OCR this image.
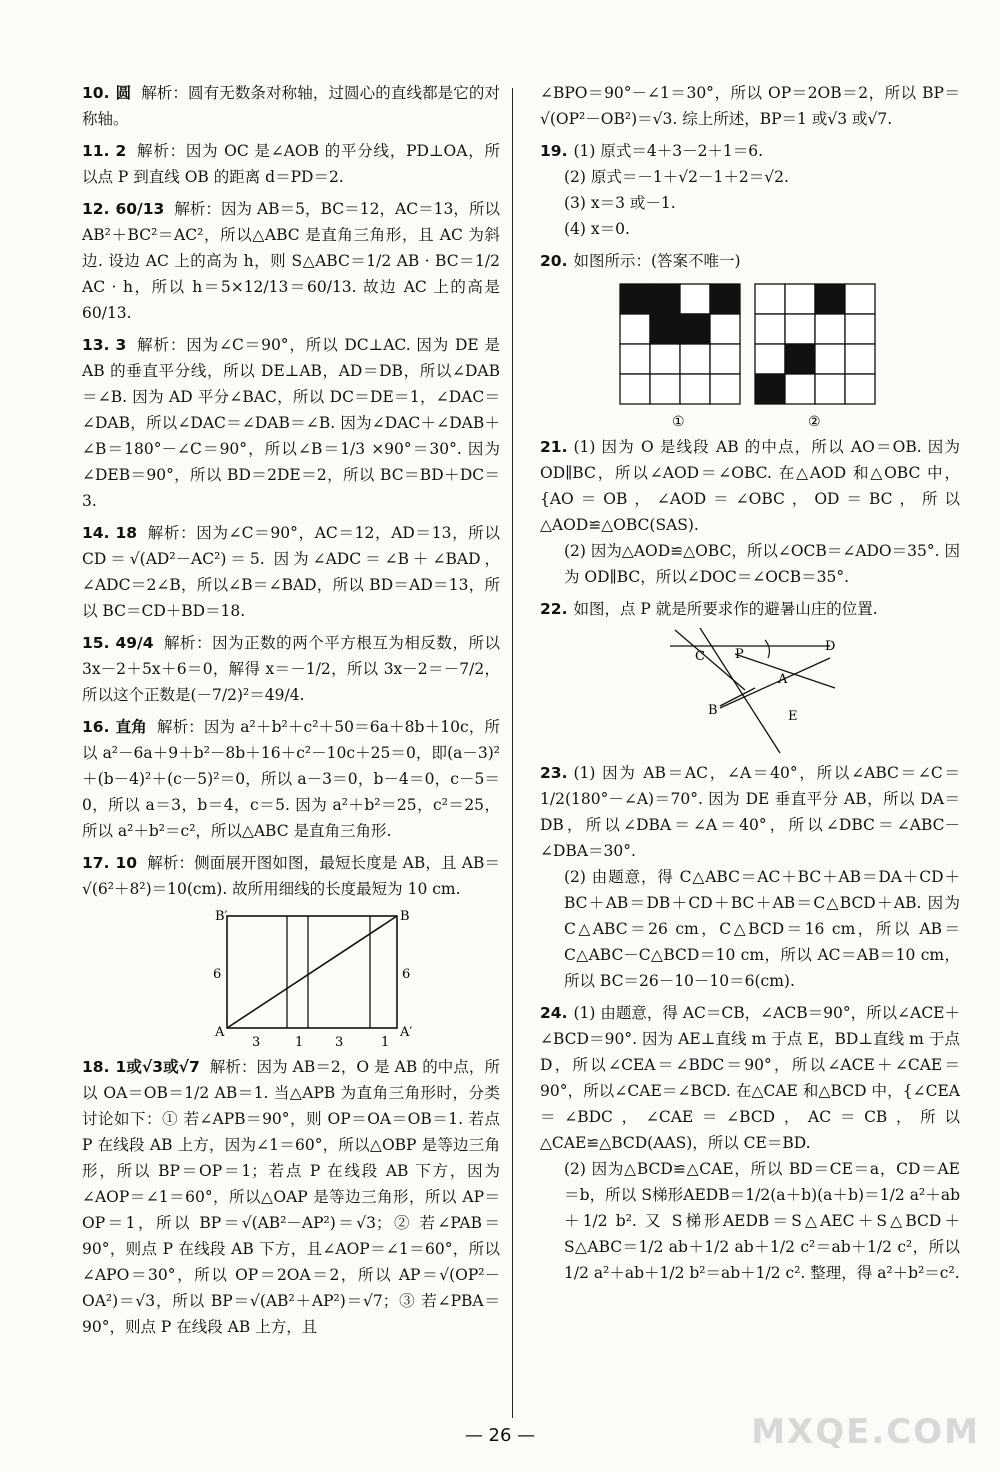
10. 圆 解析：圆有无数条对称轴，过圆心的直线都是它的对称轴。
11. 2 解析：因为 OC 是∠AOB 的平分线，PD⊥OA，所以点 P 到直线 OB 的距离 d＝PD＝2.
12. 60/13 解析：因为 AB＝5，BC＝12，AC＝13，所以 AB²＋BC²＝AC²，所以△ABC 是直角三角形，且 AC 为斜边. 设边 AC 上的高为 h，则 S△ABC＝1/2 AB · BC＝1/2 AC · h，所以 h＝5×12/13＝60/13. 故边 AC 上的高是 60/13.
13. 3 解析：因为∠C＝90°，所以 DC⊥AC. 因为 DE 是 AB 的垂直平分线，所以 DE⊥AB，AD＝DB，所以∠DAB＝∠B. 因为 AD 平分∠BAC，所以 DC＝DE＝1，∠DAC＝∠DAB，所以∠DAC＝∠DAB＝∠B. 因为∠DAC＋∠DAB＋∠B＝180°－∠C＝90°，所以∠B＝1/3 ×90°＝30°. 因为∠DEB＝90°，所以 BD＝2DE＝2，所以 BC＝BD＋DC＝3.
14. 18 解析：因为∠C＝90°，AC＝12，AD＝13，所以 CD＝√(AD²－AC²)＝5. 因为∠ADC＝∠B＋∠BAD，∠ADC＝2∠B，所以∠B＝∠BAD，所以 BD＝AD＝13，所以 BC＝CD＋BD＝18.
15. 49/4 解析：因为正数的两个平方根互为相反数，所以 3x－2＋5x＋6＝0，解得 x＝－1/2，所以 3x－2＝－7/2，所以这个正数是(－7/2)²＝49/4.
16. 直角 解析：因为 a²＋b²＋c²＋50＝6a＋8b＋10c，所以 a²－6a＋9＋b²－8b＋16＋c²－10c＋25＝0，即(a－3)²＋(b－4)²＋(c－5)²＝0，所以 a－3＝0，b－4＝0，c－5＝0，所以 a＝3，b＝4，c＝5. 因为 a²＋b²＝25，c²＝25，所以 a²＋b²＝c²，所以△ABC 是直角三角形.
17. 10 解析：侧面展开图如图，最短长度是 AB，且 AB＝√(6²＋8²)＝10(cm). 故所用细线的长度最短为 10 cm.
B′	B
A	A′
6	6
3	1 3	1
18. 1或√3或√7 解析：因为 AB＝2，O 是 AB 的中点，所以 OA＝OB＝1/2 AB＝1. 当△APB 为直角三角形时，分类讨论如下：① 若∠APB＝90°，则 OP＝OA＝OB＝1. 若点 P 在线段 AB 上方，因为∠1＝60°，所以△OBP 是等边三角形，所以 BP＝OP＝1；若点 P 在线段 AB 下方，因为∠AOP＝∠1＝60°，所以△OAP 是等边三角形，所以 AP＝OP＝1，所以 BP＝√(AB²－AP²)＝√3；② 若∠PAB＝90°，则点 P 在线段 AB 下方，且∠AOP＝∠1＝60°，所以∠APO＝30°，所以 OP＝2OA＝2，所以 AP＝√(OP²－OA²)＝√3，所以 BP＝√(AB²＋AP²)＝√7；③ 若∠PBA＝90°，则点 P 在线段 AB 上方，且
∠BPO＝90°－∠1＝30°，所以 OP＝2OB＝2，所以 BP＝√(OP²－OB²)＝√3. 综上所述，BP＝1 或√3 或√7.
19. (1) 原式＝4＋3－2＋1＝6.
(2) 原式＝－1＋√2－1＋2＝√2.
(3) x＝3 或－1.
(4) x＝0.
20. 如图所示：(答案不唯一)
①	②
21. (1) 因为 O 是线段 AB 的中点，所以 AO＝OB. 因为 OD∥BC，所以∠AOD＝∠OBC. 在△AOD 和△OBC 中，{AO＝OB，∠AOD＝∠OBC，OD＝BC，所以△AOD≌△OBC(SAS).
(2) 因为△AOD≌△OBC，所以∠OCB＝∠ADO＝35°. 因为 OD∥BC，所以∠DOC＝∠OCB＝35°.
22. 如图，点 P 就是所要求作的避暑山庄的位置.
C P
D
A
B	E
23. (1) 因为 AB＝AC，∠A＝40°，所以∠ABC＝∠C＝1/2(180°－∠A)＝70°. 因为 DE 垂直平分 AB，所以 DA＝DB，所以∠DBA＝∠A＝40°，所以∠DBC＝∠ABC－∠DBA＝30°.
(2) 由题意，得 C△ABC＝AC＋BC＋AB＝DA＋CD＋BC＋AB＝DB＋CD＋BC＋AB＝C△BCD＋AB. 因为 C△ABC＝26 cm，C△BCD＝16 cm，所以 AB＝C△ABC－C△BCD＝10 cm，所以 AC＝AB＝10 cm，所以 BC＝26－10－10＝6(cm).
24. (1) 由题意，得 AC＝CB，∠ACB＝90°，所以∠ACE＋∠BCD＝90°. 因为 AE⊥直线 m 于点 E，BD⊥直线 m 于点 D，所以∠CEA＝∠BDC＝90°，所以∠ACE＋∠CAE＝90°，所以∠CAE＝∠BCD. 在△CAE 和△BCD 中，{∠CEA＝∠BDC，∠CAE＝∠BCD，AC＝CB，所以△CAE≌△BCD(AAS)，所以 CE＝BD.
(2) 因为△BCD≌△CAE，所以 BD＝CE＝a，CD＝AE＝b，所以 S梯形AEDB＝1/2(a＋b)(a＋b)＝1/2 a²＋ab＋1/2 b². 又 S梯形AEDB＝S△AEC＋S△BCD＋S△ABC＝1/2 ab＋1/2 ab＋1/2 c²＝ab＋1/2 c²，所以 1/2 a²＋ab＋1/2 b²＝ab＋1/2 c². 整理，得 a²＋b²＝c².
— 26 —	MXQE.COM
